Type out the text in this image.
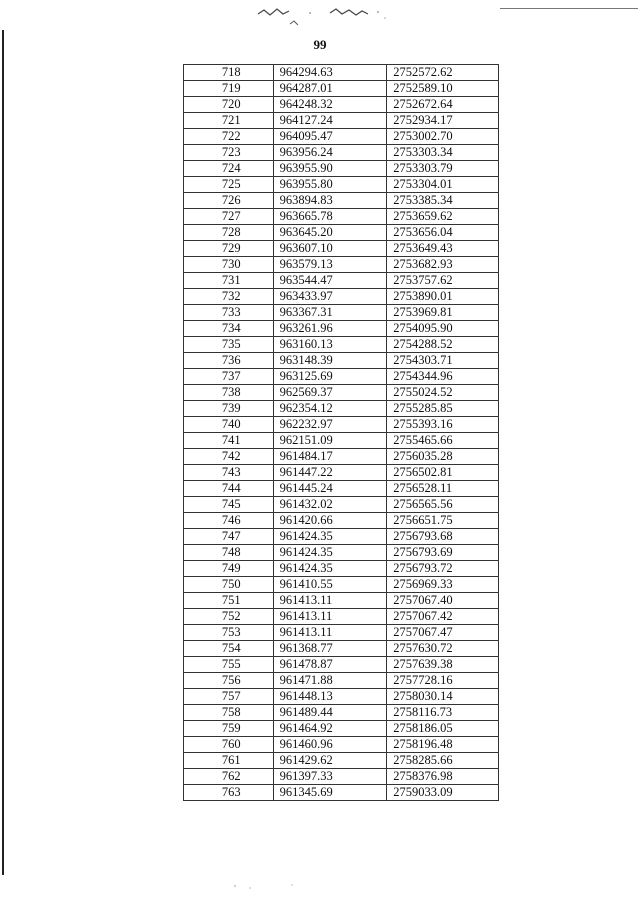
99
718	964294.63	2752572.62
719	964287.01	2752589.10
720	964248.32	2752672.64
721	964127.24	2752934.17
722	964095.47	2753002.70
723	963956.24	2753303.34
724	963955.90	2753303.79
725	963955.80	2753304.01
726	963894.83	2753385.34
727	963665.78	2753659.62
728	963645.20	2753656.04
729	963607.10	2753649.43
730	963579.13	2753682.93
731	963544.47	2753757.62
732	963433.97	2753890.01
733	963367.31	2753969.81
734	963261.96	2754095.90
735	963160.13	2754288.52
736	963148.39	2754303.71
737	963125.69	2754344.96
738	962569.37	2755024.52
739	962354.12	2755285.85
740	962232.97	2755393.16
741	962151.09	2755465.66
742	961484.17	2756035.28
743	961447.22	2756502.81
744	961445.24	2756528.11
745	961432.02	2756565.56
746	961420.66	2756651.75
747	961424.35	2756793.68
748	961424.35	2756793.69
749	961424.35	2756793.72
750	961410.55	2756969.33
751	961413.11	2757067.40
752	961413.11	2757067.42
753	961413.11	2757067.47
754	961368.77	2757630.72
755	961478.87	2757639.38
756	961471.88	2757728.16
757	961448.13	2758030.14
758	961489.44	2758116.73
759	961464.92	2758186.05
760	961460.96	2758196.48
761	961429.62	2758285.66
762	961397.33	2758376.98
763	961345.69	2759033.09
